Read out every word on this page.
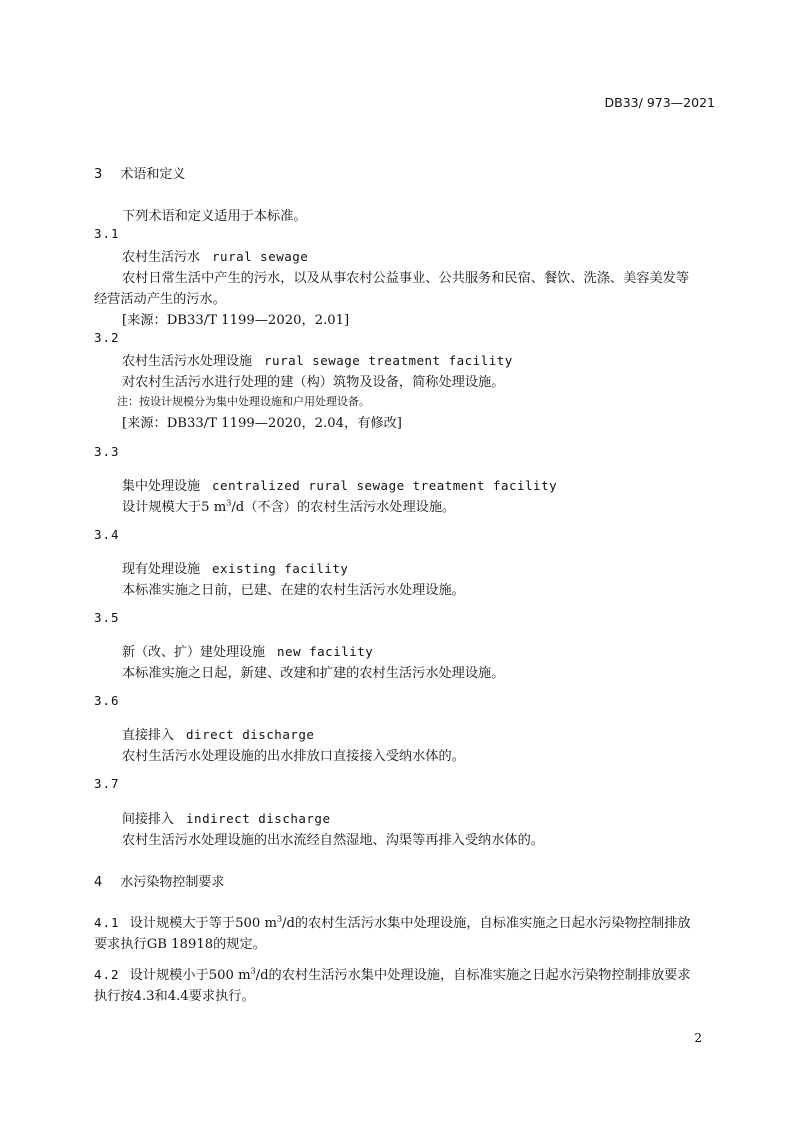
DB33/ 973—2021
3 术语和定义
下列术语和定义适用于本标准。
3.1
农村生活污水 rural sewage
农村日常生活中产生的污水，以及从事农村公益事业、公共服务和民宿、餐饮、洗涤、美容美发等
经营活动产生的污水。
[来源：DB33/T 1199—2020，2.01]
3.2
农村生活污水处理设施 rural sewage treatment facility
对农村生活污水进行处理的建（构）筑物及设备，简称处理设施。
注：按设计规模分为集中处理设施和户用处理设备。
[来源：DB33/T 1199—2020，2.04，有修改]
3.3
集中处理设施 centralized rural sewage treatment facility
设计规模大于5 $m^3/d$（不含）的农村生活污水处理设施。
3.4
现有处理设施 existing facility
本标准实施之日前，已建、在建的农村生活污水处理设施。
3.5
新（改、扩）建处理设施 new facility
本标准实施之日起，新建、改建和扩建的农村生活污水处理设施。
3.6
直接排入 direct discharge
农村生活污水处理设施的出水排放口直接接入受纳水体的。
3.7
间接排入 indirect discharge
农村生活污水处理设施的出水流经自然湿地、沟渠等再排入受纳水体的。
4 水污染物控制要求
4.1 设计规模大于等于500 $m^3/d$的农村生活污水集中处理设施，自标准实施之日起水污染物控制排放
要求执行GB 18918的规定。
4.2 设计规模小于500 $m^3/d$的农村生活污水集中处理设施，自标准实施之日起水污染物控制排放要求
执行按4.3和4.4要求执行。
2
